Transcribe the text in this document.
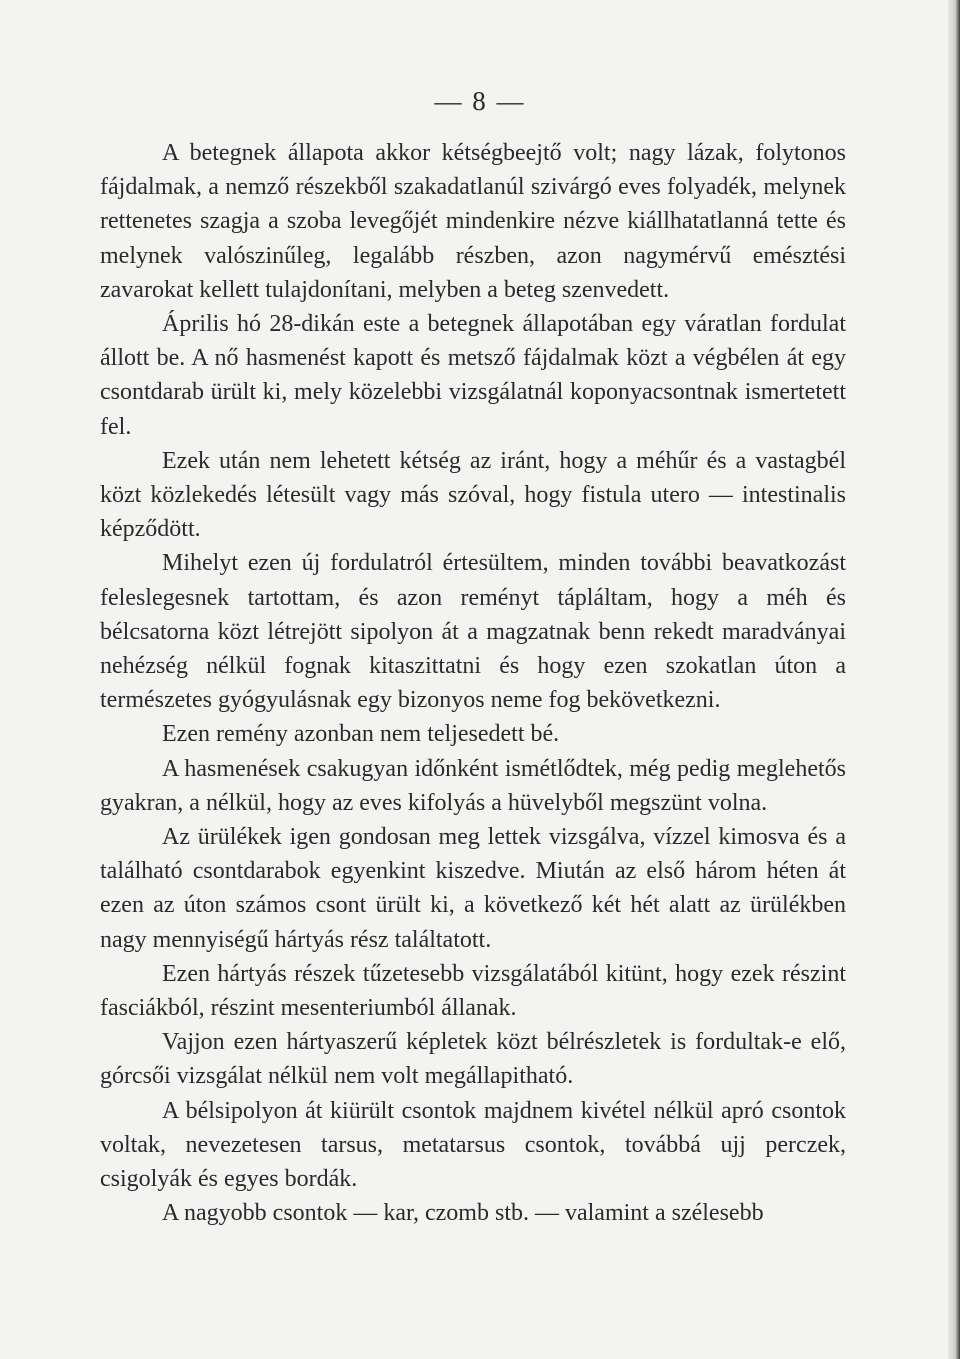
— 8 —

A betegnek állapota akkor kétségbeejtő volt; nagy lázak, folytonos fájdalmak, a nemző részekből szakadatlanúl szivárgó eves folyadék, melynek rettenetes szagja a szoba levegőjét mindenkire nézve kiállhatatlanná tette és melynek valószinűleg, legalább részben, azon nagymérvű emésztési zavarokat kellett tulajdonítani, melyben a beteg szenvedett.

Április hó 28-dikán este a betegnek állapotában egy váratlan fordulat állott be. A nő hasmenést kapott és metsző fájdalmak közt a végbélen át egy csontdarab ürült ki, mely közelebbi vizsgálatnál koponyacsontnak ismertetett fel.

Ezek után nem lehetett kétség az iránt, hogy a méhűr és a vastagbél közt közlekedés létesült vagy más szóval, hogy fistula utero — intestinalis képződött.

Mihelyt ezen új fordulatról értesültem, minden további beavatkozást feleslegesnek tartottam, és azon reményt tápláltam, hogy a méh és bélcsatorna közt létrejött sipolyon át a magzatnak benn rekedt maradványai nehézség nélkül fognak kitaszittatni és hogy ezen szokatlan úton a természetes gyógyulásnak egy bizonyos neme fog bekövetkezni.

Ezen remény azonban nem teljesedett bé.

A hasmenések csakugyan időnként ismétlődtek, még pedig meglehetős gyakran, a nélkül, hogy az eves kifolyás a hüvelyből megszünt volna.

Az ürülékek igen gondosan meg lettek vizsgálva, vízzel kimosva és a található csontdarabok egyenkint kiszedve. Miután az első három héten át ezen az úton számos csont ürült ki, a következő két hét alatt az ürülékben nagy mennyiségű hártyás rész találtatott.

Ezen hártyás részek tűzetesebb vizsgálatából kitünt, hogy ezek részint fasciákból, részint mesenteriumból állanak.

Vajjon ezen hártyaszerű képletek közt bélrészletek is fordultak-e elő, górcsői vizsgálat nélkül nem volt megállapitható.

A bélsipolyon át kiürült csontok majdnem kivétel nélkül apró csontok voltak, nevezetesen tarsus, metatarsus csontok, továbbá ujj perczek, csigolyák és egyes bordák.

A nagyobb csontok — kar, czomb stb. — valamint a szélesebb
